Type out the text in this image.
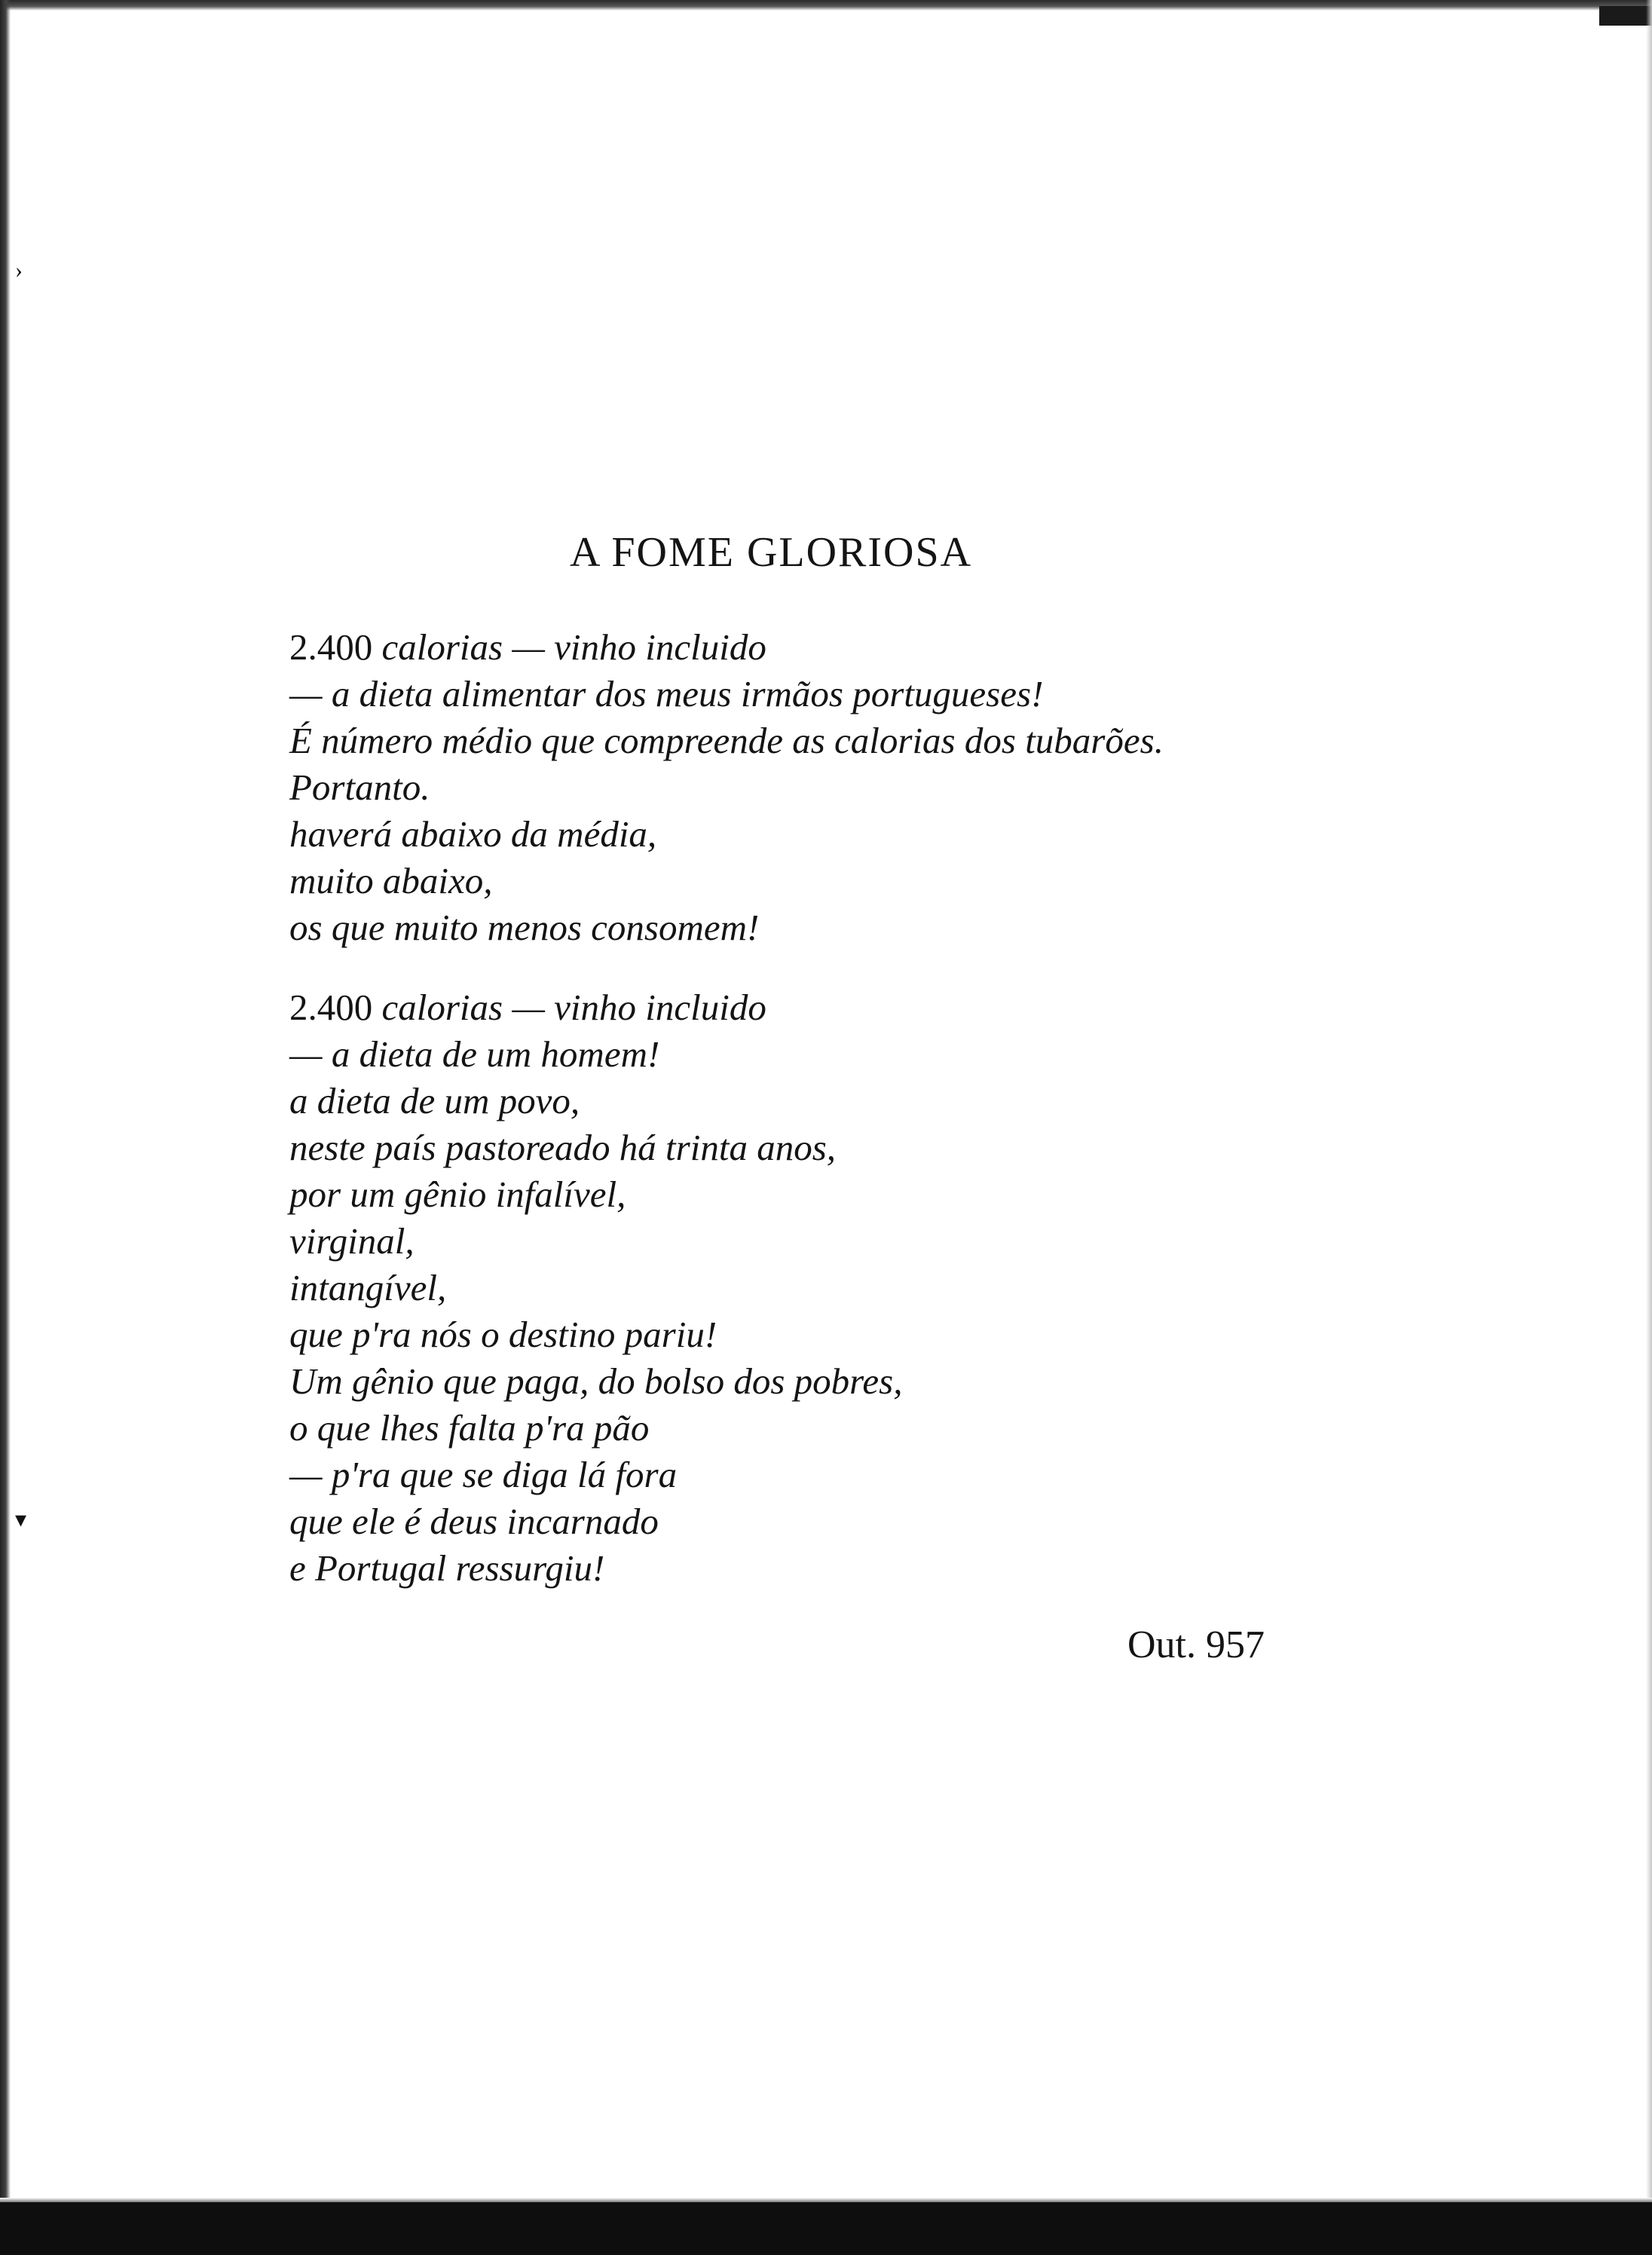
›
▾
A FOME GLORIOSA
2.400 calorias — vinho incluido
— a dieta alimentar dos meus irmãos portugueses!
É número médio que compreende as calorias dos tubarões.
Portanto.
haverá abaixo da média,
muito abaixo,
os que muito menos consomem!
2.400 calorias — vinho incluido
— a dieta de um homem!
a dieta de um povo,
neste país pastoreado há trinta anos,
por um gênio infalível,
virginal,
intangível,
que p'ra nós o destino pariu!
Um gênio que paga, do bolso dos pobres,
o que lhes falta p'ra pão
— p'ra que se diga lá fora
que ele é deus incarnado
e Portugal ressurgiu!
Out. 957
